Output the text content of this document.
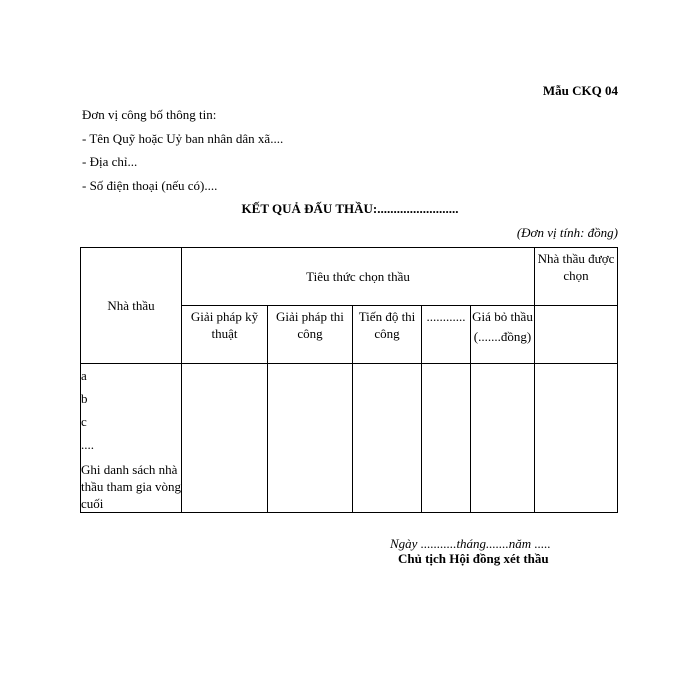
Mẫu CKQ 04
Đơn vị công bố thông tin:
- Tên Quỹ hoặc Uỷ ban nhân dân xã....
- Địa chỉ...
- Số điện thoại (nếu có)....
KẾT QUẢ ĐẤU THẦU:.........................
(Đơn vị tính: đồng)
Nhà thầu	Tiêu thức chọn thầu					Nhà thầu được chọn
	Giải pháp kỹ thuật	Giải pháp thi công	Tiến độ thi công	............	Giá bỏ thầu
(.......đồng)	

a
b
c
....
Ghi danh sách nhà thầu tham gia vòng cuối						

Ngày ...........tháng.......năm .....
Chủ tịch Hội đồng xét thầu
